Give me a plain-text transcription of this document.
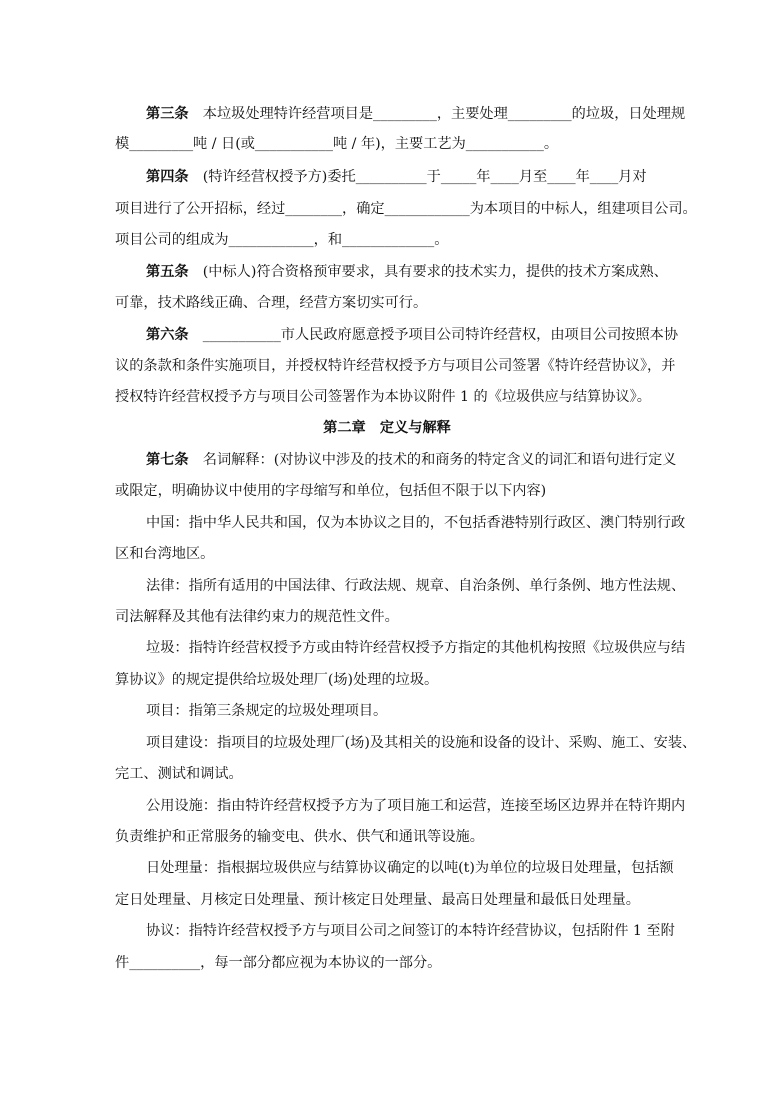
第三条　本垃圾处理特许经营项目是_________，主要处理_________的垃圾，日处理规
模_________吨 / 日(或___________吨 / 年)，主要工艺为___________。
第四条　(特许经营权授予方)委托__________于_____年____月至____年____月对
项目进行了公开招标，经过________，确定____________为本项目的中标人，组建项目公司。
项目公司的组成为____________，和_____________。
第五条　(中标人)符合资格预审要求，具有要求的技术实力，提供的技术方案成熟、
可靠，技术路线正确、合理，经营方案切实可行。
第六条　___________市人民政府愿意授予项目公司特许经营权，由项目公司按照本协
议的条款和条件实施项目，并授权特许经营权授予方与项目公司签署《特许经营协议》，并
授权特许经营权授予方与项目公司签署作为本协议附件 1 的《垃圾供应与结算协议》。
第二章　定义与解释
第七条　名词解释：(对协议中涉及的技术的和商务的特定含义的词汇和语句进行定义
或限定，明确协议中使用的字母缩写和单位，包括但不限于以下内容)
中国：指中华人民共和国，仅为本协议之目的，不包括香港特别行政区、澳门特别行政
区和台湾地区。
法律：指所有适用的中国法律、行政法规、规章、自治条例、单行条例、地方性法规、
司法解释及其他有法律约束力的规范性文件。
垃圾：指特许经营权授予方或由特许经营权授予方指定的其他机构按照《垃圾供应与结
算协议》的规定提供给垃圾处理厂(场)处理的垃圾。
项目：指第三条规定的垃圾处理项目。
项目建设：指项目的垃圾处理厂(场)及其相关的设施和设备的设计、采购、施工、安装、
完工、测试和调试。
公用设施：指由特许经营权授予方为了项目施工和运营，连接至场区边界并在特许期内
负责维护和正常服务的输变电、供水、供气和通讯等设施。
日处理量：指根据垃圾供应与结算协议确定的以吨(t)为单位的垃圾日处理量，包括额
定日处理量、月核定日处理量、预计核定日处理量、最高日处理量和最低日处理量。
协议：指特许经营权授予方与项目公司之间签订的本特许经营协议，包括附件 1 至附
件__________，每一部分都应视为本协议的一部分。
